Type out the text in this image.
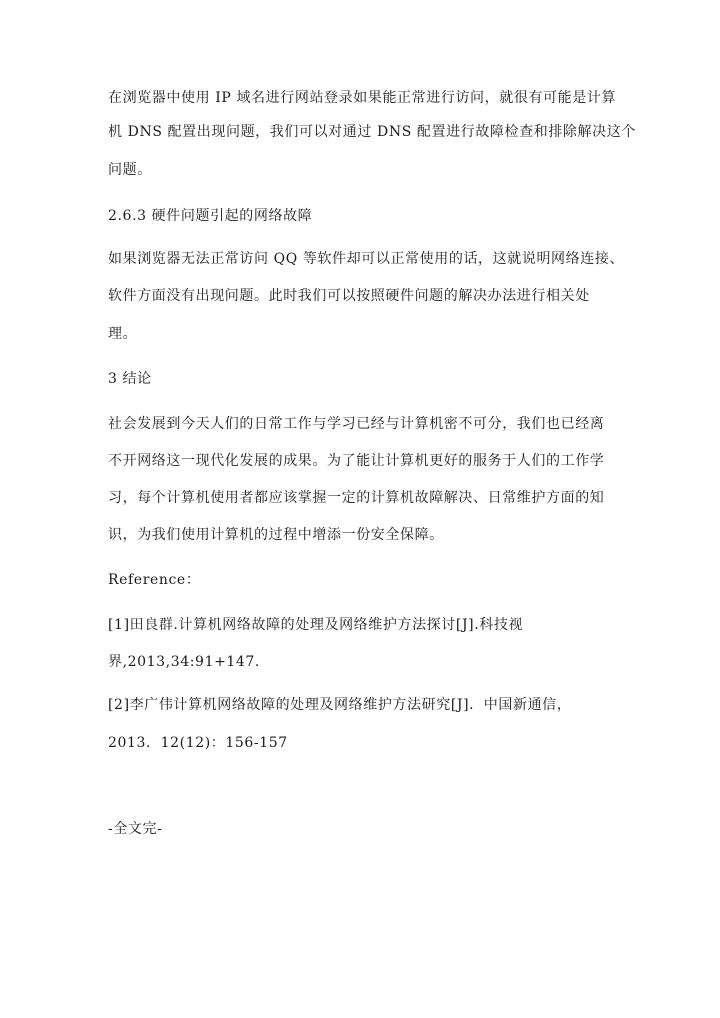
在浏览器中使用 IP 域名进行网站登录如果能正常进行访问，就很有可能是计算
机 DNS 配置出现问题，我们可以对通过 DNS 配置进行故障检查和排除解决这个
问题。
2.6.3 硬件问题引起的网络故障
如果浏览器无法正常访问 QQ 等软件却可以正常使用的话，这就说明网络连接、
软件方面没有出现问题。此时我们可以按照硬件问题的解决办法进行相关处
理。
3 结论
社会发展到今天人们的日常工作与学习已经与计算机密不可分，我们也已经离
不开网络这一现代化发展的成果。为了能让计算机更好的服务于人们的工作学
习，每个计算机使用者都应该掌握一定的计算机故障解决、日常维护方面的知
识，为我们使用计算机的过程中增添一份安全保障。
Reference：
[1]田良群.计算机网络故障的处理及网络维护方法探讨[J].科技视
界,2013,34:91+147.
[2]李广伟计算机网络故障的处理及网络维护方法研究[J]．中国新通信，
2013．12(12)：156-157
-全文完-
